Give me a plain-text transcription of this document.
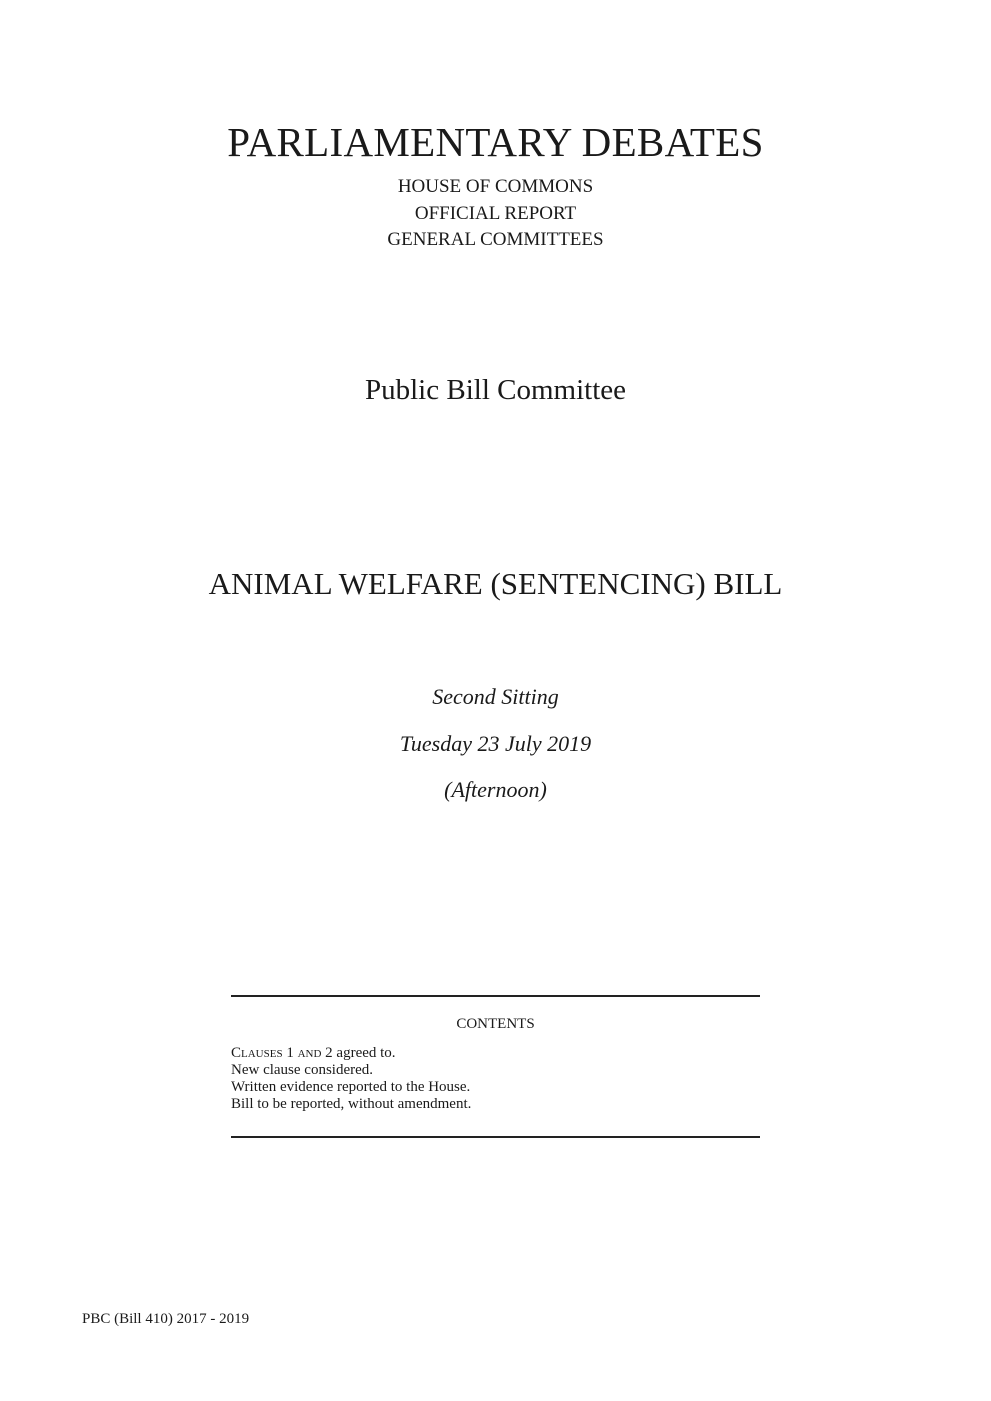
PARLIAMENTARY DEBATES
HOUSE OF COMMONS
OFFICIAL REPORT
GENERAL COMMITTEES
Public Bill Committee
ANIMAL WELFARE (SENTENCING) BILL
Second Sitting
Tuesday 23 July 2019
(Afternoon)
CONTENTS
Clauses 1 and 2 agreed to.
New clause considered.
Written evidence reported to the House.
Bill to be reported, without amendment.
PBC (Bill 410) 2017 - 2019
